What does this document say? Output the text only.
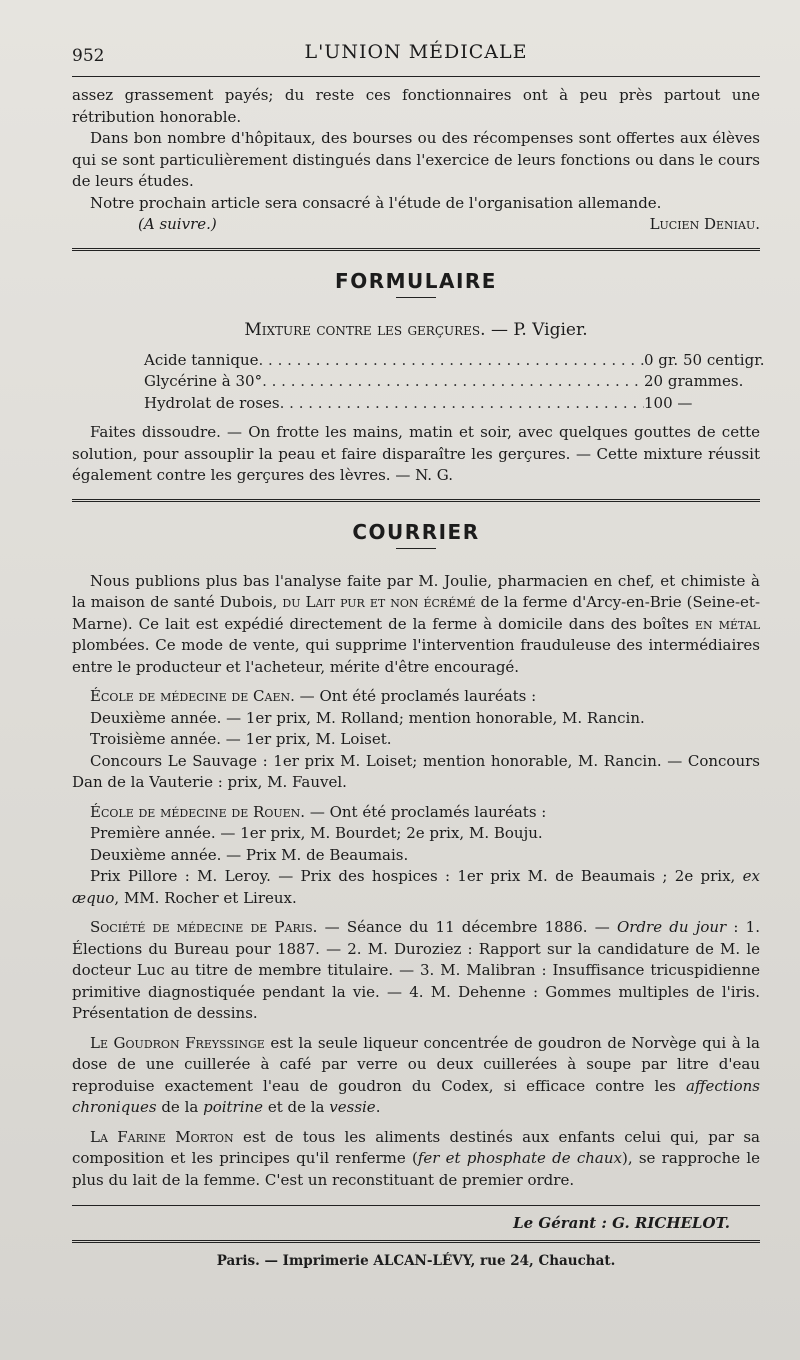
952	L'UNION MÉDICALE

assez grassement payés; du reste ces fonctionnaires ont à peu près partout une rétribution honorable.

Dans bon nombre d'hôpitaux, des bourses ou des récompenses sont offertes aux élèves qui se sont particulièrement distingués dans l'exercice de leurs fonctions ou dans le cours de leurs études.

Notre prochain article sera consacré à l'étude de l'organisation allemande.

(A suivre.)	Lucien Deniau.
FORMULAIRE
Mixture contre les gerçures. — P. Vigier.
Acide tannique . . .	0 gr. 50 centigr.
Glycérine à 30° . . .	20 grammes.
Hydrolat de roses . . .	100 —

Faites dissoudre. — On frotte les mains, matin et soir, avec quelques gouttes de cette solution, pour assouplir la peau et faire disparaître les gerçures. — Cette mixture réussit également contre les gerçures des lèvres. — N. G.

COURRIER

Nous publions plus bas l'analyse faite par M. Joulie, pharmacien en chef, et chimiste à la maison de santé Dubois, du Lait pur et non écrémé de la ferme d'Arcy-en-Brie (Seine-et-Marne). Ce lait est expédié directement de la ferme à domicile dans des boîtes en métal plombées. Ce mode de vente, qui supprime l'intervention frauduleuse des intermédiaires entre le producteur et l'acheteur, mérite d'être encouragé.

École de médecine de Caen. — Ont été proclamés lauréats :

Deuxième année. — 1er prix, M. Rolland; mention honorable, M. Rancin.

Troisième année. — 1er prix, M. Loiset.

Concours Le Sauvage : 1er prix M. Loiset; mention honorable, M. Rancin. — Concours Dan de la Vauterie : prix, M. Fauvel.

École de médecine de Rouen. — Ont été proclamés lauréats :

Première année. — 1er prix, M. Bourdet; 2e prix, M. Bouju.

Deuxième année. — Prix M. de Beaumais.

Prix Pillore : M. Leroy. — Prix des hospices : 1er prix M. de Beaumais ; 2e prix, ex æquo, MM. Rocher et Lireux.

Société de médecine de Paris. — Séance du 11 décembre 1886. — Ordre du jour : 1. Élections du Bureau pour 1887. — 2. M. Duroziez : Rapport sur la candidature de M. le docteur Luc au titre de membre titulaire. — 3. M. Malibran : Insuffisance tricuspidienne primitive diagnostiquée pendant la vie. — 4. M. Dehenne : Gommes multiples de l'iris. Présentation de dessins.

Le Goudron Freyssinge est la seule liqueur concentrée de goudron de Norvège qui à la dose de une cuillerée à café par verre ou deux cuillerées à soupe par litre d'eau reproduise exactement l'eau de goudron du Codex, si efficace contre les affections chroniques de la poitrine et de la vessie.

La Farine Morton est de tous les aliments destinés aux enfants celui qui, par sa composition et les principes qu'il renferme (fer et phosphate de chaux), se rapproche le plus du lait de la femme. C'est un reconstituant de premier ordre.

Le Gérant : G. RICHELOT.
Paris. — Imprimerie ALCAN-LÉVY, rue 24, Chauchat.
